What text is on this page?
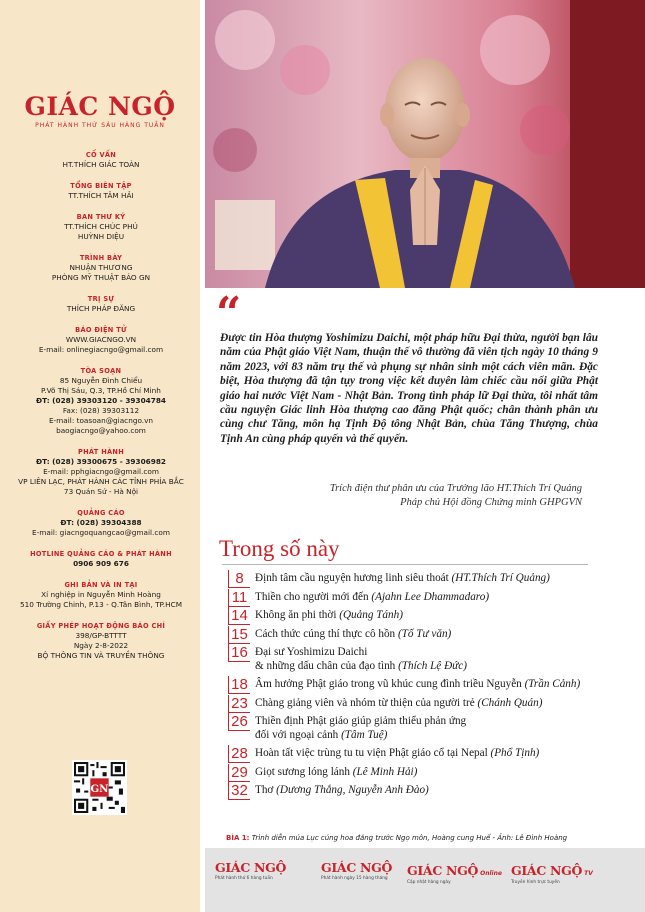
GIÁC NGỘ
PHÁT HÀNH THỨ SÁU HÀNG TUẦN
CỐ VẤN
HT.THÍCH GIÁC TOÀN
TỔNG BIÊN TẬP
TT.THÍCH TÂM HẢI
BAN THƯ KÝ
TT.THÍCH CHÚC PHÚ
HUỲNH DIỆU
TRÌNH BÀY
NHUẬN THƯƠNG
PHÒNG MỸ THUẬT BÁO GN
TRỊ SỰ
THÍCH PHÁP ĐĂNG
BÁO ĐIỆN TỬ
WWW.GIACNGO.VN
E-mail: onlinegiacngo@gmail.com
TÒA SOẠN
85 Nguyễn Đình Chiểu
P.Võ Thị Sáu, Q.3, TP.Hồ Chí Minh
ĐT: (028) 39303120 - 39304784
Fax: (028) 39303112
E-mail: toasoan@giacngo.vn
baogiacngo@yahoo.com
PHÁT HÀNH
ĐT: (028) 39300675 - 39306982
E-mail: pphgiacngo@gmail.com
VP LIÊN LẠC, PHÁT HÀNH CÁC TỈNH PHÍA BẮC
73 Quán Sứ - Hà Nội
QUẢNG CÁO
ĐT: (028) 39304388
E-mail: giacngoquangcao@gmail.com
HOTLINE QUẢNG CÁO & PHÁT HÀNH
0906 909 676
GHI BẢN VÀ IN TẠI
Xí nghiệp in Nguyễn Minh Hoàng
510 Trường Chinh, P.13 - Q.Tân Bình, TP.HCM
GIẤY PHÉP HOẠT ĐỘNG BÁO CHÍ
398/GP-BTTTT
Ngày 2-8-2022
BỘ THÔNG TIN VÀ TRUYỀN THÔNG
GN
“
Được tin Hòa thượng Yoshimizu Daichi, một pháp hữu Đại thừa, người bạn lâu năm của Phật giáo Việt Nam, thuận thế vô thường đã viên tịch ngày 10 tháng 9 năm 2023, với 83 năm trụ thế và phụng sự nhân sinh một cách viên mãn. Đặc biệt, Hòa thượng đã tận tụy trong việc kết duyên làm chiếc cầu nối giữa Phật giáo hai nước Việt Nam - Nhật Bản. Trong tình pháp lữ Đại thừa, tôi nhất tâm cầu nguyện Giác linh Hòa thượng cao đăng Phật quốc; chân thành phân ưu cùng chư Tăng, môn hạ Tịnh Độ tông Nhật Bản, chùa Tăng Thượng, chùa Tịnh An cùng pháp quyến và thế quyến.
Trích điện thư phân ưu của Trưởng lão HT.Thích Trí Quảng
Pháp chủ Hội đồng Chứng minh GHPGVN
Trong số này
8	Định tâm cầu nguyện hương linh siêu thoát (HT.Thích Trí Quảng)
11 Thiền cho người mới đến (Ajahn Lee Dhammadaro)
14 Không ăn phi thời (Quảng Tánh)
15 Cách thức cúng thí thực cô hồn (Tố Tư văn)
16 Đại sư Yoshimizu Daichi
& những dấu chân của đạo tình (Thích Lệ Đức)
18 Âm hưởng Phật giáo trong vũ khúc cung đình triều Nguyễn (Trần Cảnh)
23 Chàng giảng viên và nhóm từ thiện của người trẻ (Chánh Quán)
26 Thiền định Phật giáo giúp giảm thiểu phản ứng
đối với ngoại cảnh (Tâm Tuệ)
28 Hoàn tất việc trùng tu tu viện Phật giáo cổ tại Nepal (Phổ Tịnh)
29 Giọt sương lóng lánh (Lê Minh Hải)
32 Thơ (Dương Thắng, Nguyễn Anh Đào)
BÌA 1: Trình diễn múa Lục cúng hoa đăng trước Ngọ môn, Hoàng cung Huế - Ảnh: Lê Đình Hoàng
GIÁC NGỘ
Phát hành thứ 6 hàng tuần
GIÁC NGỘ
Phát hành ngày 15 hàng tháng
GIÁC NGỘ Online
Cập nhật hàng ngày
GIÁC NGỘ TV
Truyền hình trực tuyến
